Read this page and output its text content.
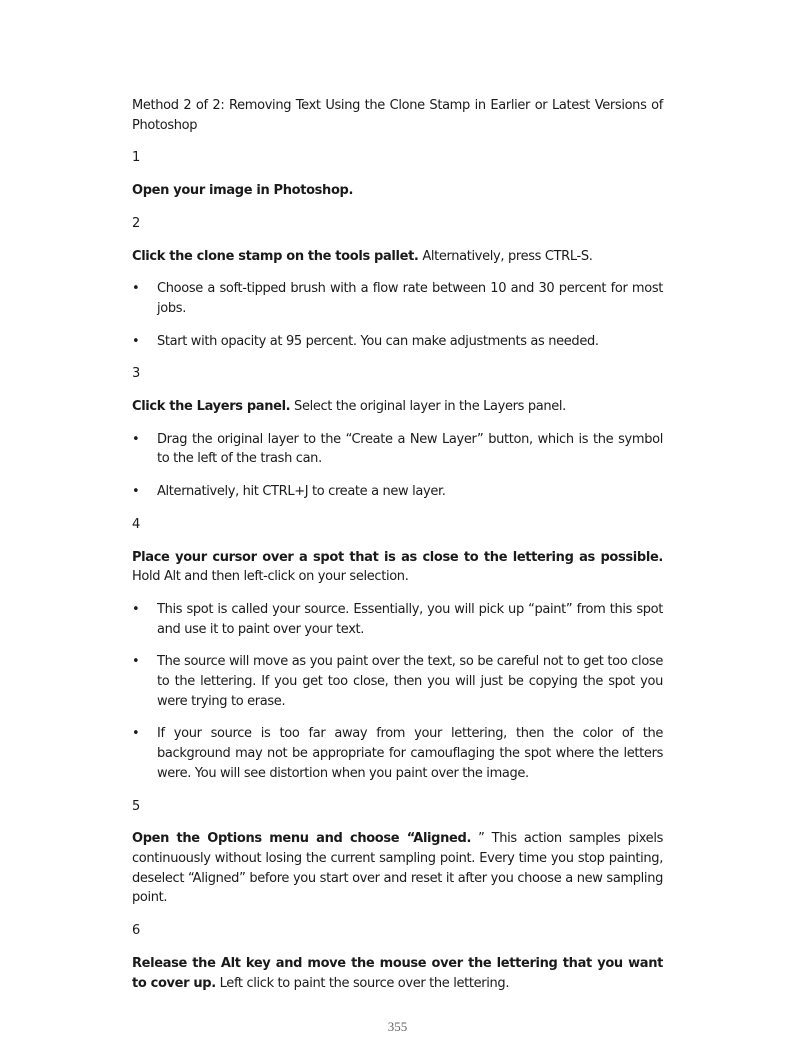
Method 2 of 2: Removing Text Using the Clone Stamp in Earlier or Latest Versions of Photoshop

1

Open your image in Photoshop.

2

Click the clone stamp on the tools pallet. Alternatively, press CTRL-S.

• Choose a soft-tipped brush with a flow rate between 10 and 30 percent for most jobs.

• Start with opacity at 95 percent. You can make adjustments as needed.

3

Click the Layers panel. Select the original layer in the Layers panel.

• Drag the original layer to the “Create a New Layer” button, which is the symbol to the left of the trash can.

• Alternatively, hit CTRL+J to create a new layer.

4

Place your cursor over a spot that is as close to the lettering as possible. Hold Alt and then left-click on your selection.

• This spot is called your source. Essentially, you will pick up “paint” from this spot and use it to paint over your text.

• The source will move as you paint over the text, so be careful not to get too close to the lettering. If you get too close, then you will just be copying the spot you were trying to erase.

• If your source is too far away from your lettering, then the color of the background may not be appropriate for camouflaging the spot where the letters were. You will see distortion when you paint over the image.

5

Open the Options menu and choose “Aligned. ” This action samples pixels continuously without losing the current sampling point. Every time you stop painting, deselect “Aligned” before you start over and reset it after you choose a new sampling point.

6

Release the Alt key and move the mouse over the lettering that you want to cover up. Left click to paint the source over the lettering.

355
